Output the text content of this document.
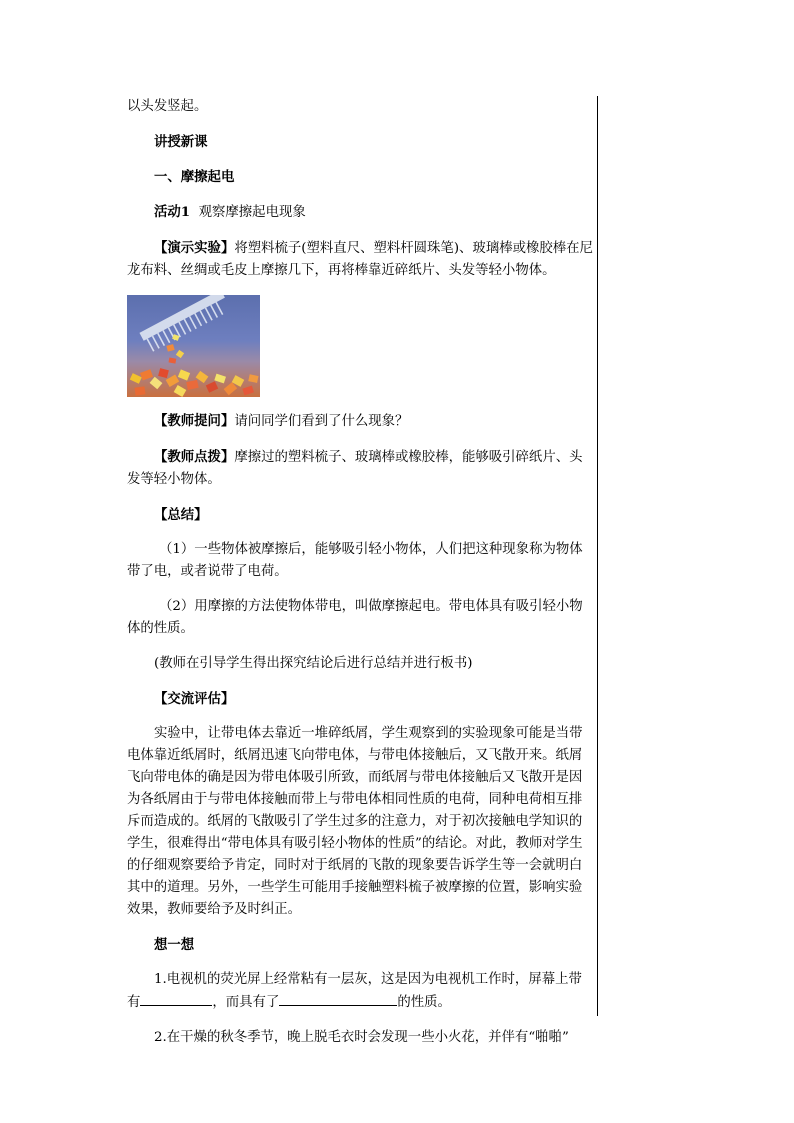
以头发竖起。

讲授新课

一、摩擦起电

活动1 观察摩擦起电现象

【演示实验】将塑料梳子(塑料直尺、塑料杆圆珠笔)、玻璃棒或橡胶棒在尼龙布料、丝绸或毛皮上摩擦几下，再将棒靠近碎纸片、头发等轻小物体。

【教师提问】请问同学们看到了什么现象？

【教师点拨】摩擦过的塑料梳子、玻璃棒或橡胶棒，能够吸引碎纸片、头发等轻小物体。

【总结】

（1）一些物体被摩擦后，能够吸引轻小物体，人们把这种现象称为物体带了电，或者说带了电荷。

（2）用摩擦的方法使物体带电，叫做摩擦起电。带电体具有吸引轻小物体的性质。

(教师在引导学生得出探究结论后进行总结并进行板书)

【交流评估】

实验中，让带电体去靠近一堆碎纸屑，学生观察到的实验现象可能是当带电体靠近纸屑时，纸屑迅速飞向带电体，与带电体接触后，又飞散开来。纸屑飞向带电体的确是因为带电体吸引所致，而纸屑与带电体接触后又飞散开是因为各纸屑由于与带电体接触而带上与带电体相同性质的电荷，同种电荷相互排斥而造成的。纸屑的飞散吸引了学生过多的注意力，对于初次接触电学知识的学生，很难得出“带电体具有吸引轻小物体的性质”的结论。对此，教师对学生的仔细观察要给予肯定，同时对于纸屑的飞散的现象要告诉学生等一会就明白其中的道理。另外，一些学生可能用手接触塑料梳子被摩擦的位置，影响实验效果，教师要给予及时纠正。

想一想

1.电视机的荧光屏上经常粘有一层灰，这是因为电视机工作时，屏幕上带有	，而具有了	的性质。

2.在干燥的秋冬季节，晚上脱毛衣时会发现一些小火花，并伴有“啪啪”
